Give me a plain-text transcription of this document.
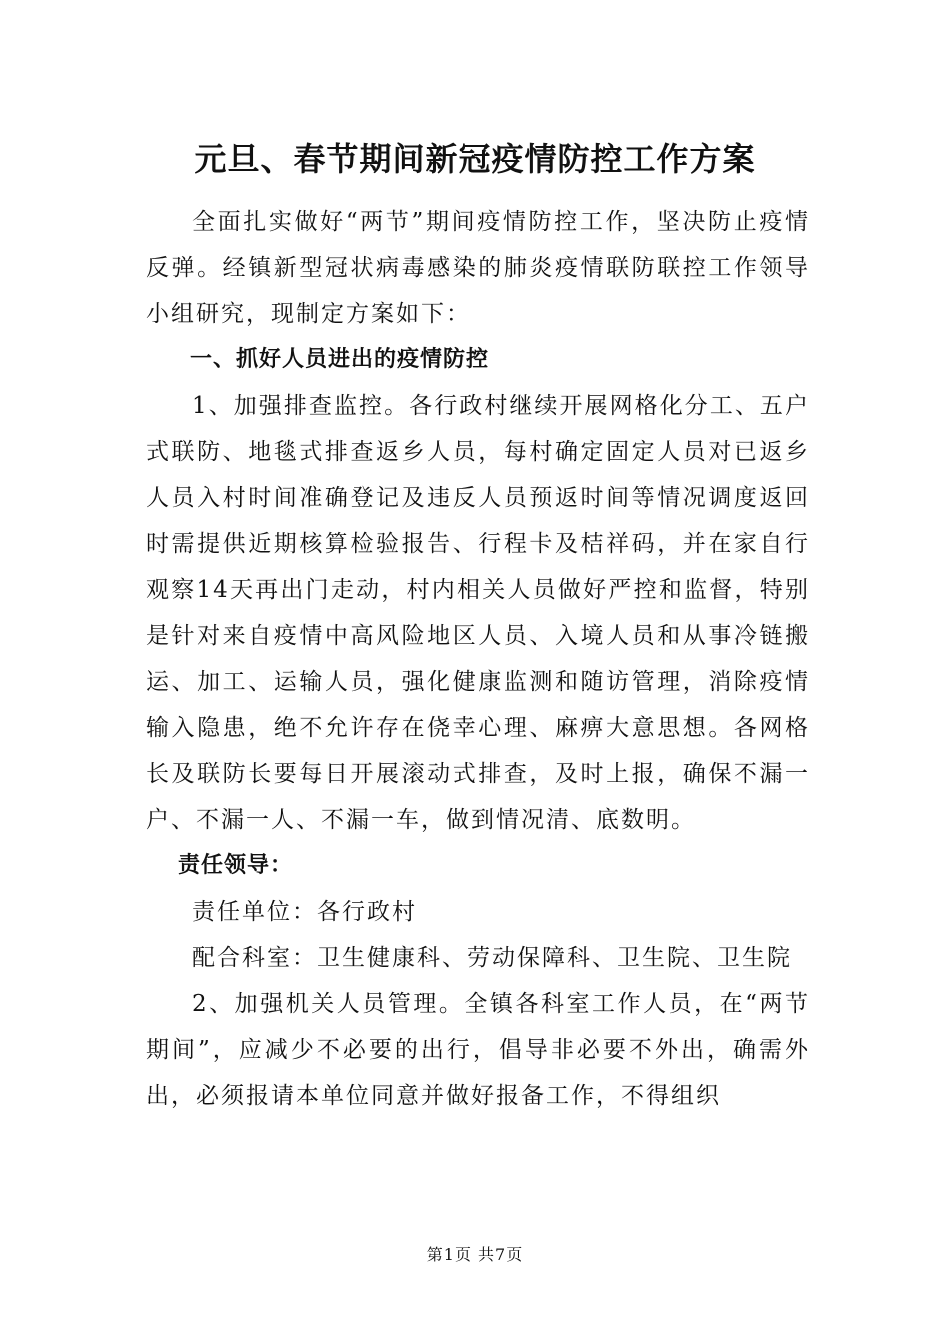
元旦、春节期间新冠疫情防控工作方案

全面扎实做好“两节”期间疫情防控工作，坚决防止疫情反弹。经镇新型冠状病毒感染的肺炎疫情联防联控工作领导小组研究，现制定方案如下：

一、抓好人员进出的疫情防控

1、加强排查监控。各行政村继续开展网格化分工、五户式联防、地毯式排查返乡人员，每村确定固定人员对已返乡人员入村时间准确登记及违反人员预返时间等情况调度返回时需提供近期核算检验报告、行程卡及桔祥码，并在家自行观察14天再出门走动，村内相关人员做好严控和监督，特别是针对来自疫情中高风险地区人员、入境人员和从事冷链搬运、加工、运输人员，强化健康监测和随访管理，消除疫情输入隐患，绝不允许存在侥幸心理、麻痹大意思想。各网格长及联防长要每日开展滚动式排查，及时上报，确保不漏一户、不漏一人、不漏一车，做到情况清、底数明。

责任领导：

责任单位：各行政村

配合科室：卫生健康科、劳动保障科、卫生院、卫生院

2、加强机关人员管理。全镇各科室工作人员，在“两节期间”，应减少不必要的出行，倡导非必要不外出，确需外出，必须报请本单位同意并做好报备工作，不得组织

第1页 共7页
